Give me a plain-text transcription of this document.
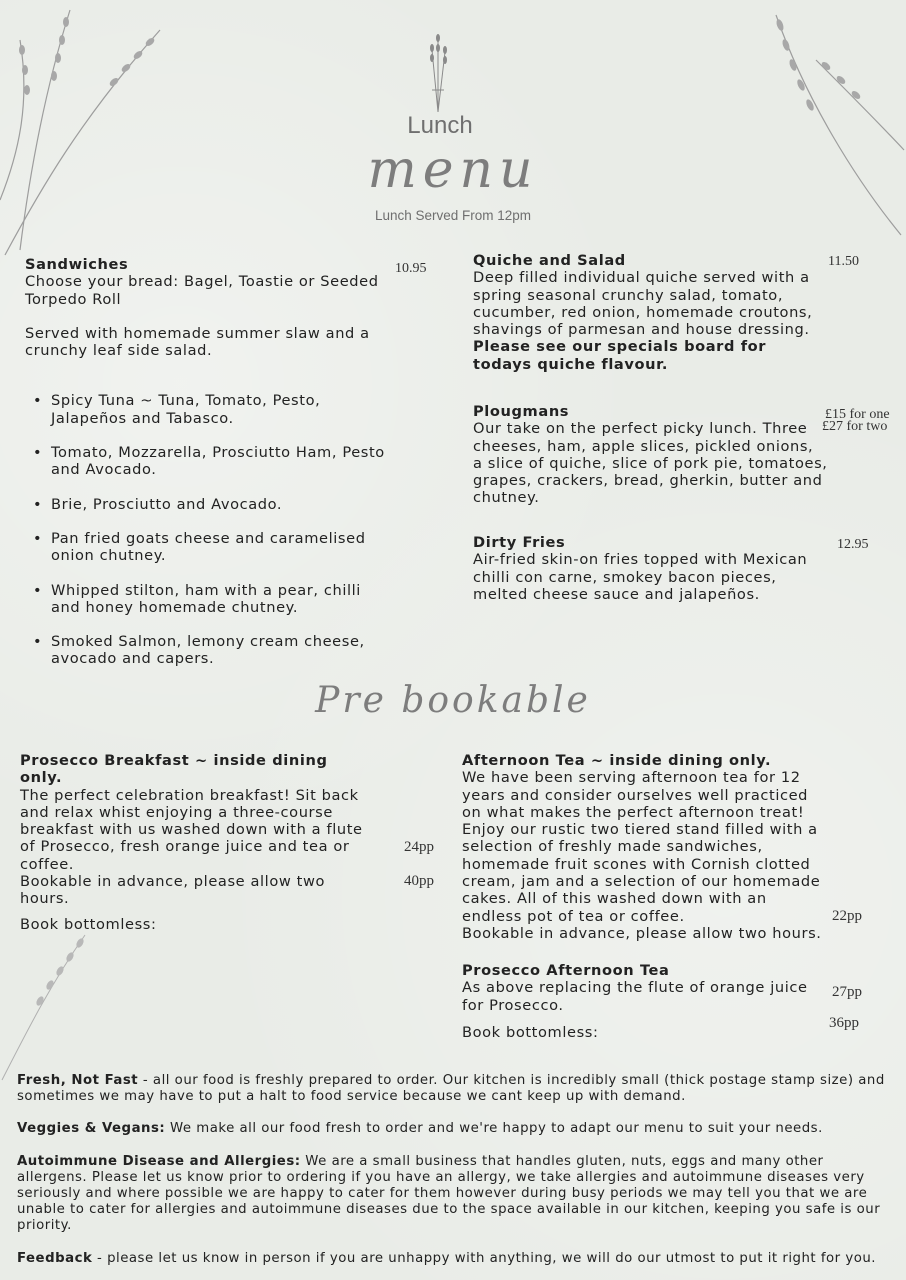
Lunch
menu
Lunch Served From 12pm

Sandwiches

Choose your bread: Bagel, Toastie or Seeded Torpedo Roll

Served with homemade summer slaw and a crunchy leaf side salad.

• Spicy Tuna ~ Tuna, Tomato, Pesto, Jalapeños and Tabasco.
• Tomato, Mozzarella, Prosciutto Ham, Pesto and Avocado.
• Brie, Prosciutto and Avocado.
• Pan fried goats cheese and caramelised onion chutney.
• Whipped stilton, ham with a pear, chilli and honey homemade chutney.
• Smoked Salmon, lemony cream cheese, avocado and capers.
10.95	Quiche and Salad

Deep filled individual quiche served with a spring seasonal crunchy salad, tomato, cucumber, red onion, homemade croutons, shavings of parmesan and house dressing.

Please see our specials board for todays quiche flavour.

11.50

Plougmans

Our take on the perfect picky lunch. Three cheeses, ham, apple slices, pickled onions, a slice of quiche, slice of pork pie, tomatoes, grapes, crackers, bread, gherkin, butter and chutney.

£15 for one
£27 for two

Dirty Fries

Air-fried skin-on fries topped with Mexican chilli con carne, smokey bacon pieces, melted cheese sauce and jalapeños.

12.95
Pre bookable

Prosecco Breakfast ~ inside dining only.

The perfect celebration breakfast! Sit back and relax whist enjoying a three-course breakfast with us washed down with a flute of Prosecco, fresh orange juice and tea or coffee.

Bookable in advance, please allow two hours.

Book bottomless:

24pp
40pp

Afternoon Tea ~ inside dining only.

We have been serving afternoon tea for 12 years and consider ourselves well practiced on what makes the perfect afternoon treat! Enjoy our rustic two tiered stand filled with a selection of freshly made sandwiches, homemade fruit scones with Cornish clotted cream, jam and a selection of our homemade cakes. All of this washed down with an endless pot of tea or coffee.

Bookable in advance, please allow two hours.

22pp

Prosecco Afternoon Tea

As above replacing the flute of orange juice for Prosecco.

Book bottomless:

27pp
36pp

Fresh, Not Fast - all our food is freshly prepared to order. Our kitchen is incredibly small (thick postage stamp size) and sometimes we may have to put a halt to food service because we cant keep up with demand.

Veggies & Vegans: We make all our food fresh to order and we're happy to adapt our menu to suit your needs.

Autoimmune Disease and Allergies: We are a small business that handles gluten, nuts, eggs and many other allergens. Please let us know prior to ordering if you have an allergy, we take allergies and autoimmune diseases very seriously and where possible we are happy to cater for them however during busy periods we may tell you that we are unable to cater for allergies and autoimmune diseases due to the space available in our kitchen, keeping you safe is our priority.

Feedback - please let us know in person if you are unhappy with anything, we will do our utmost to put it right for you.
